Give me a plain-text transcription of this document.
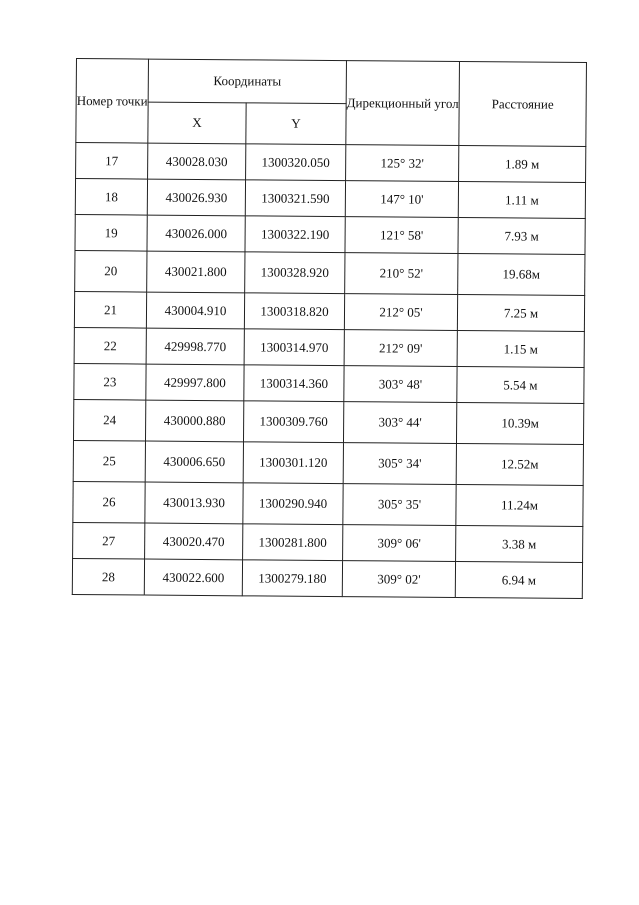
Номер точки	Координаты		Дирекционный угол	Расстояние
	X	Y		
17	430028.030	1300320.050	125° 32'	1.89 м
18	430026.930	1300321.590	147° 10'	1.11 м
19	430026.000	1300322.190	121° 58'	7.93 м
20	430021.800	1300328.920	210° 52'	19.68м
21	430004.910	1300318.820	212° 05'	7.25 м
22	429998.770	1300314.970	212° 09'	1.15 м
23	429997.800	1300314.360	303° 48'	5.54 м
24	430000.880	1300309.760	303° 44'	10.39м
25	430006.650	1300301.120	305° 34'	12.52м
26	430013.930	1300290.940	305° 35'	11.24м
27	430020.470	1300281.800	309° 06'	3.38 м
28	430022.600	1300279.180	309° 02'	6.94 м
